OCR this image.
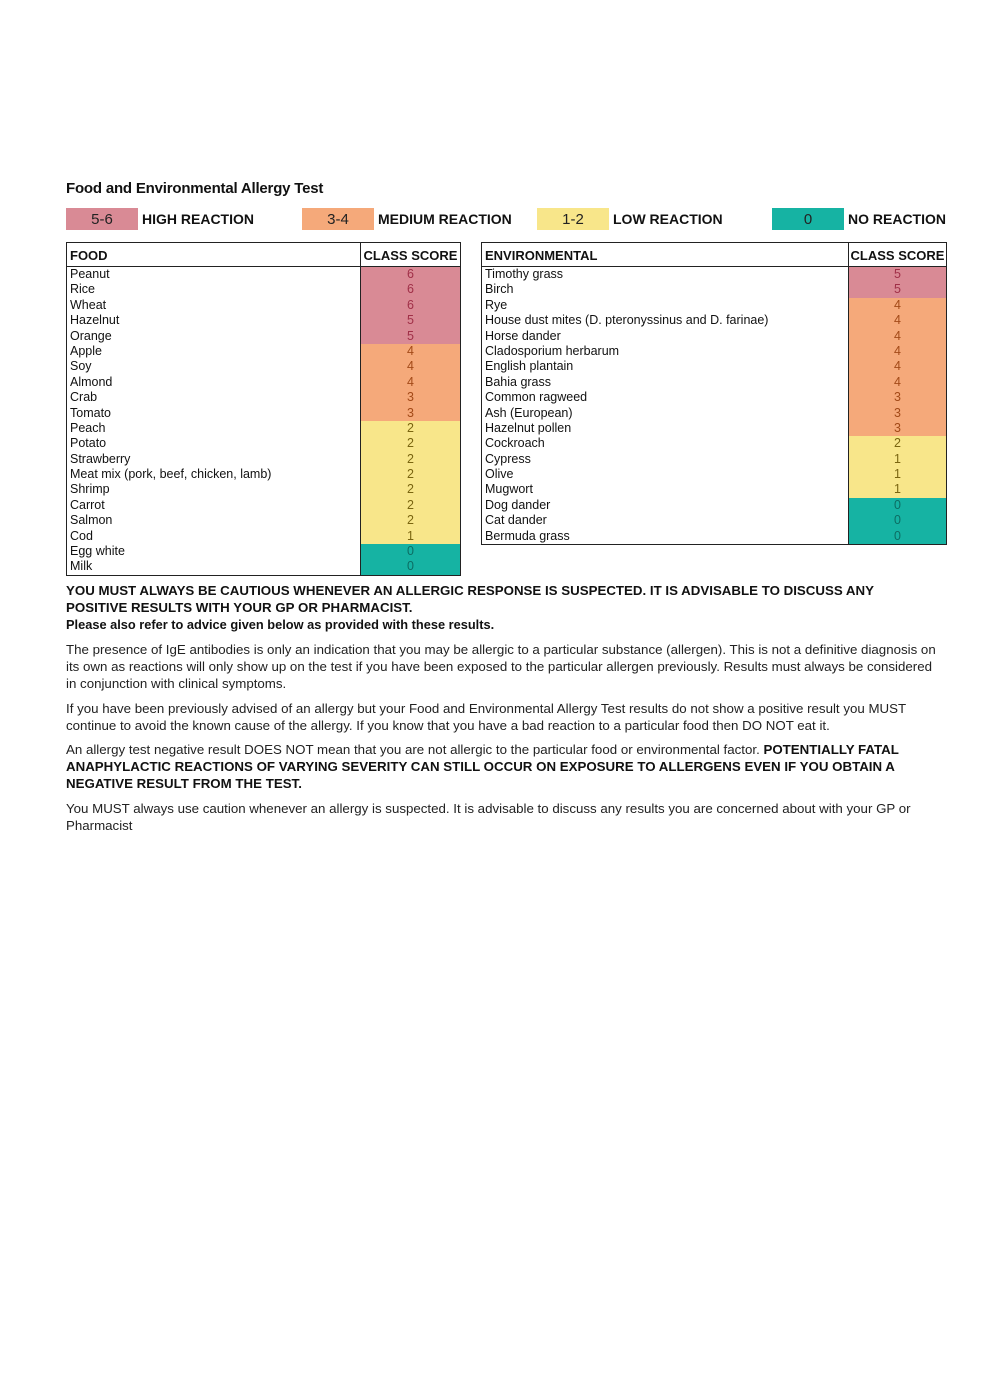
Food and Environmental Allergy Test
5-6	HIGH REACTION	3-4	MEDIUM REACTION	1-2	LOW REACTION	0	NO REACTION
FOOD	CLASS SCORE
Peanut	6
Rice	6
Wheat	6
Hazelnut	5
Orange	5
Apple	4
Soy	4
Almond	4
Crab	3
Tomato	3
Peach	2
Potato	2
Strawberry	2
Meat mix (pork, beef, chicken, lamb)	2
Shrimp	2
Carrot	2
Salmon	2
Cod	1
Egg white	0
Milk	0
ENVIRONMENTAL	CLASS SCORE
Timothy grass	5
Birch	5
Rye	4
House dust mites (D. pteronyssinus and D. farinae)	4
Horse dander	4
Cladosporium herbarum	4
English plantain	4
Bahia grass	4
Common ragweed	3
Ash (European)	3
Hazelnut pollen	3
Cockroach	2
Cypress	1
Olive	1
Mugwort	1
Dog dander	0
Cat dander	0
Bermuda grass	0

YOU MUST ALWAYS BE CAUTIOUS WHENEVER AN ALLERGIC RESPONSE IS SUSPECTED. IT IS ADVISABLE TO DISCUSS ANY POSITIVE RESULTS WITH YOUR GP OR PHARMACIST.

Please also refer to advice given below as provided with these results.

The presence of IgE antibodies is only an indication that you may be allergic to a particular substance (allergen). This is not a definitive diagnosis on its own as reactions will only show up on the test if you have been exposed to the particular allergen previously. Results must always be considered in conjunction with clinical symptoms.

If you have been previously advised of an allergy but your Food and Environmental Allergy Test results do not show a positive result you MUST continue to avoid the known cause of the allergy. If you know that you have a bad reaction to a particular food then DO NOT eat it.

An allergy test negative result DOES NOT mean that you are not allergic to the particular food or environmental factor. POTENTIALLY FATAL ANAPHYLACTIC REACTIONS OF VARYING SEVERITY CAN STILL OCCUR ON EXPOSURE TO ALLERGENS EVEN IF YOU OBTAIN A NEGATIVE RESULT FROM THE TEST.

You MUST always use caution whenever an allergy is suspected. It is advisable to discuss any results you are concerned about with your GP or Pharmacist
